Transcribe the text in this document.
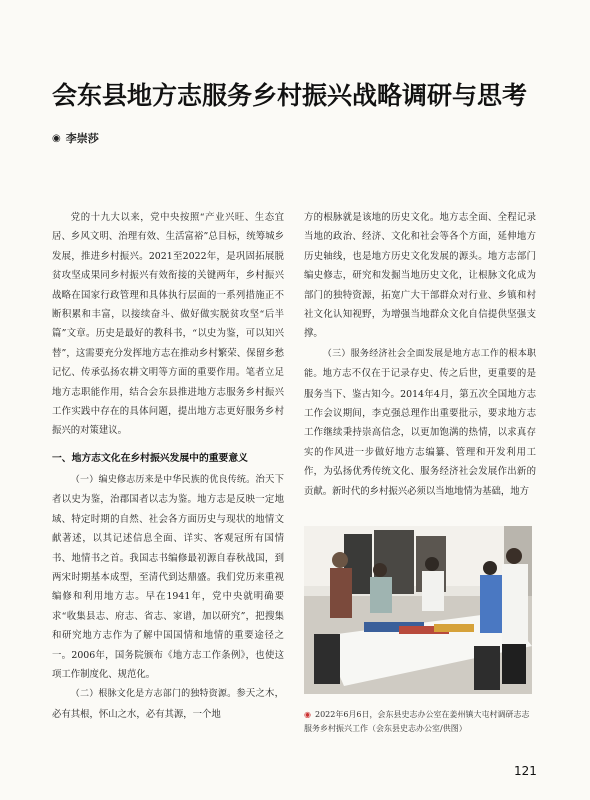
会东县地方志服务乡村振兴战略调研与思考
◉ 李崇莎

党的十九大以来，党中央按照“产业兴旺、生态宜居、乡风文明、治理有效、生活富裕”总目标，统筹城乡发展，推进乡村振兴。2021至2022年，是巩固拓展脱贫攻坚成果同乡村振兴有效衔接的关键两年，乡村振兴战略在国家行政管理和具体执行层面的一系列措施正不断积累和丰富，以接续奋斗、做好做实脱贫攻坚“后半篇”文章。历史是最好的教科书，“以史为鉴，可以知兴替”，这需要充分发挥地方志在推动乡村繁荣、保留乡愁记忆、传承弘扬农耕文明等方面的重要作用。笔者立足地方志职能作用，结合会东县推进地方志服务乡村振兴工作实践中存在的具体问题，提出地方志更好服务乡村振兴的对策建议。

一、地方志文化在乡村振兴发展中的重要意义

（一）编史修志历来是中华民族的优良传统。治天下者以史为鉴，治郡国者以志为鉴。地方志是反映一定地域、特定时期的自然、社会各方面历史与现状的地情文献著述，以其记述信息全面、详实、客观冠所有国情书、地情书之首。我国志书编修最初源自春秋战国，到两宋时期基本成型，至清代到达鼎盛。我们党历来重视编修和利用地方志。早在1941年，党中央就明确要求“收集县志、府志、省志、家谱，加以研究”，把搜集和研究地方志作为了解中国国情和地情的重要途径之一。2006年，国务院颁布《地方志工作条例》，也使这项工作制度化、规范化。

（二）根脉文化是方志部门的独特资源。参天之木，必有其根，怀山之水，必有其源，一个地

方的根脉就是该地的历史文化。地方志全面、全程记录当地的政治、经济、文化和社会等各个方面，延伸地方历史轴线，也是地方历史文化发展的源头。地方志部门编史修志，研究和发掘当地历史文化，让根脉文化成为部门的独特资源，拓宽广大干部群众对行业、乡镇和村社文化认知视野，为增强当地群众文化自信提供坚强支撑。

（三）服务经济社会全面发展是地方志工作的根本职能。地方志不仅在于记录存史、传之后世，更重要的是服务当下、鉴古知今。2014年4月，第五次全国地方志工作会议期间，李克强总理作出重要批示，要求地方志工作继续秉持崇高信念，以更加饱满的热情，以求真存实的作风进一步做好地方志编纂、管理和开发利用工作，为弘扬优秀传统文化、服务经济社会发展作出新的贡献。新时代的乡村振兴必须以当地地情为基础，地方

◉ 2022年6月6日，会东县史志办公室在姜州镇大屯村调研志志服务乡村振兴工作（会东县史志办公室/供图）
121
